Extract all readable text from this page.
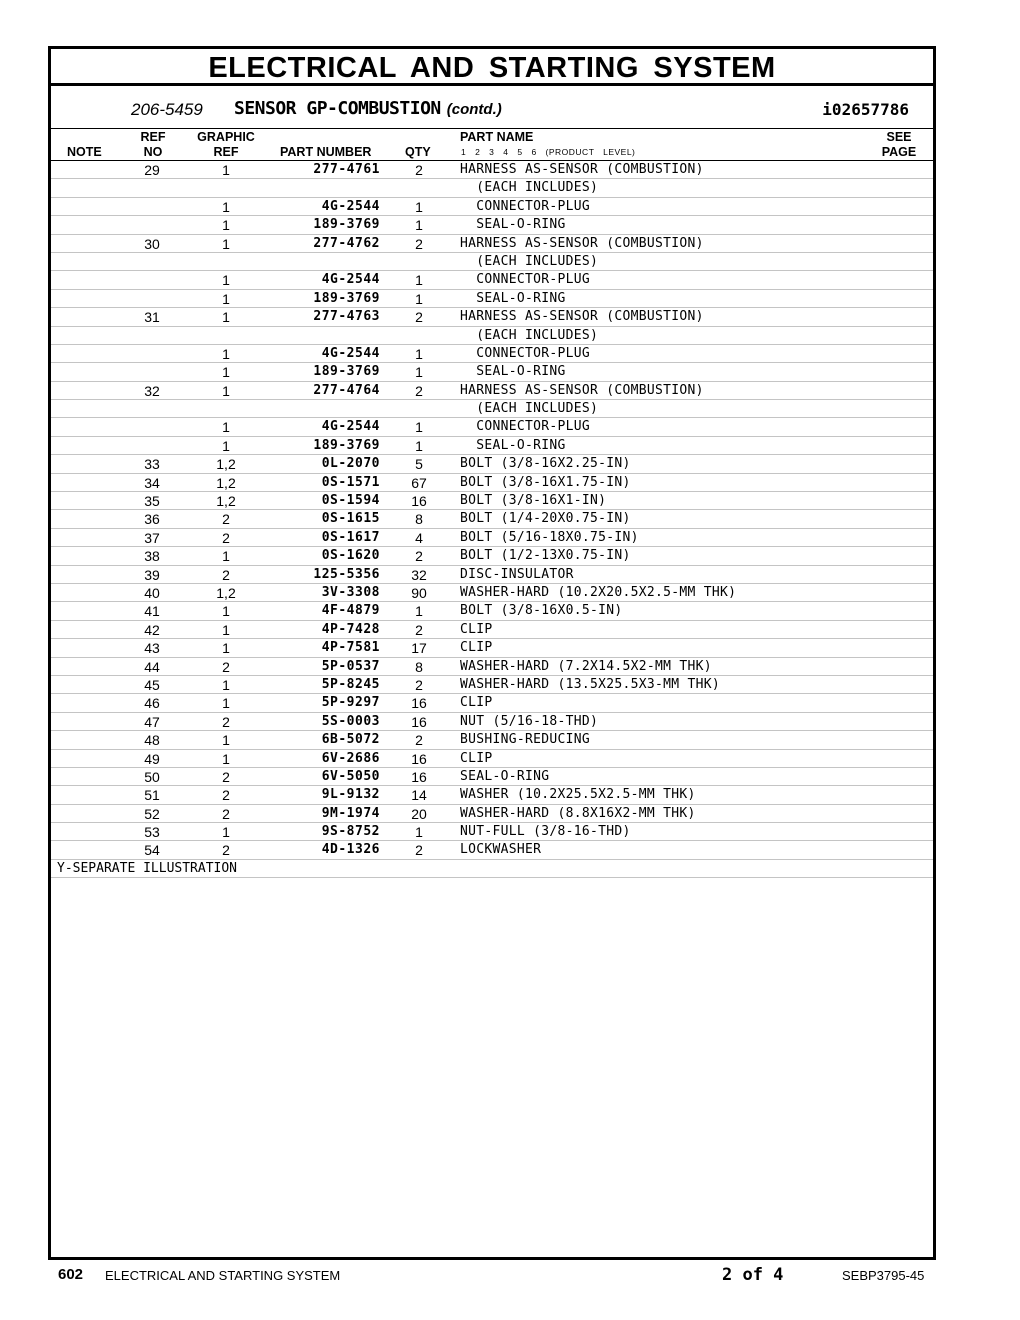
ELECTRICAL AND STARTING SYSTEM
206-5459 SENSOR GP-COMBUSTION (contd.)	i02657786
NOTE
REF
NO
GRAPHIC
REF	PART NUMBER	QTY
PART NAME
1 2 3 4 5 6 (PRODUCT LEVEL)
SEE
PAGE
29	1	277-4761	2	HARNESS AS-SENSOR (COMBUSTION)
(EACH INCLUDES)
1	4G-2544	1	CONNECTOR-PLUG
1	189-3769	1	SEAL-O-RING
30	1	277-4762	2	HARNESS AS-SENSOR (COMBUSTION)
(EACH INCLUDES)
1	4G-2544	1	CONNECTOR-PLUG
1	189-3769	1	SEAL-O-RING
31	1	277-4763	2	HARNESS AS-SENSOR (COMBUSTION)
(EACH INCLUDES)
1	4G-2544	1	CONNECTOR-PLUG
1	189-3769	1	SEAL-O-RING
32	1	277-4764	2	HARNESS AS-SENSOR (COMBUSTION)
(EACH INCLUDES)
1	4G-2544	1	CONNECTOR-PLUG
1	189-3769	1	SEAL-O-RING
33	1,2	0L-2070	5	BOLT (3/8-16X2.25-IN)
34	1,2	0S-1571	67	BOLT (3/8-16X1.75-IN)
35	1,2	0S-1594	16	BOLT (3/8-16X1-IN)
36	2	0S-1615	8	BOLT (1/4-20X0.75-IN)
37	2	0S-1617	4	BOLT (5/16-18X0.75-IN)
38	1	0S-1620	2	BOLT (1/2-13X0.75-IN)
39	2	125-5356	32	DISC-INSULATOR
40	1,2	3V-3308	90	WASHER-HARD (10.2X20.5X2.5-MM THK)
41	1	4F-4879	1	BOLT (3/8-16X0.5-IN)
42	1	4P-7428	2	CLIP
43	1	4P-7581	17	CLIP
44	2	5P-0537	8	WASHER-HARD (7.2X14.5X2-MM THK)
45	1	5P-8245	2	WASHER-HARD (13.5X25.5X3-MM THK)
46	1	5P-9297	16	CLIP
47	2	5S-0003	16	NUT (5/16-18-THD)
48	1	6B-5072	2	BUSHING-REDUCING
49	1	6V-2686	16	CLIP
50	2	6V-5050	16	SEAL-O-RING
51	2	9L-9132	14	WASHER (10.2X25.5X2.5-MM THK)
52	2	9M-1974	20	WASHER-HARD (8.8X16X2-MM THK)
53	1	9S-8752	1	NUT-FULL (3/8-16-THD)
54	2	4D-1326	2	LOCKWASHER
Y-SEPARATE ILLUSTRATION
602 ELECTRICAL AND STARTING SYSTEM	2 of 4	SEBP3795-45
